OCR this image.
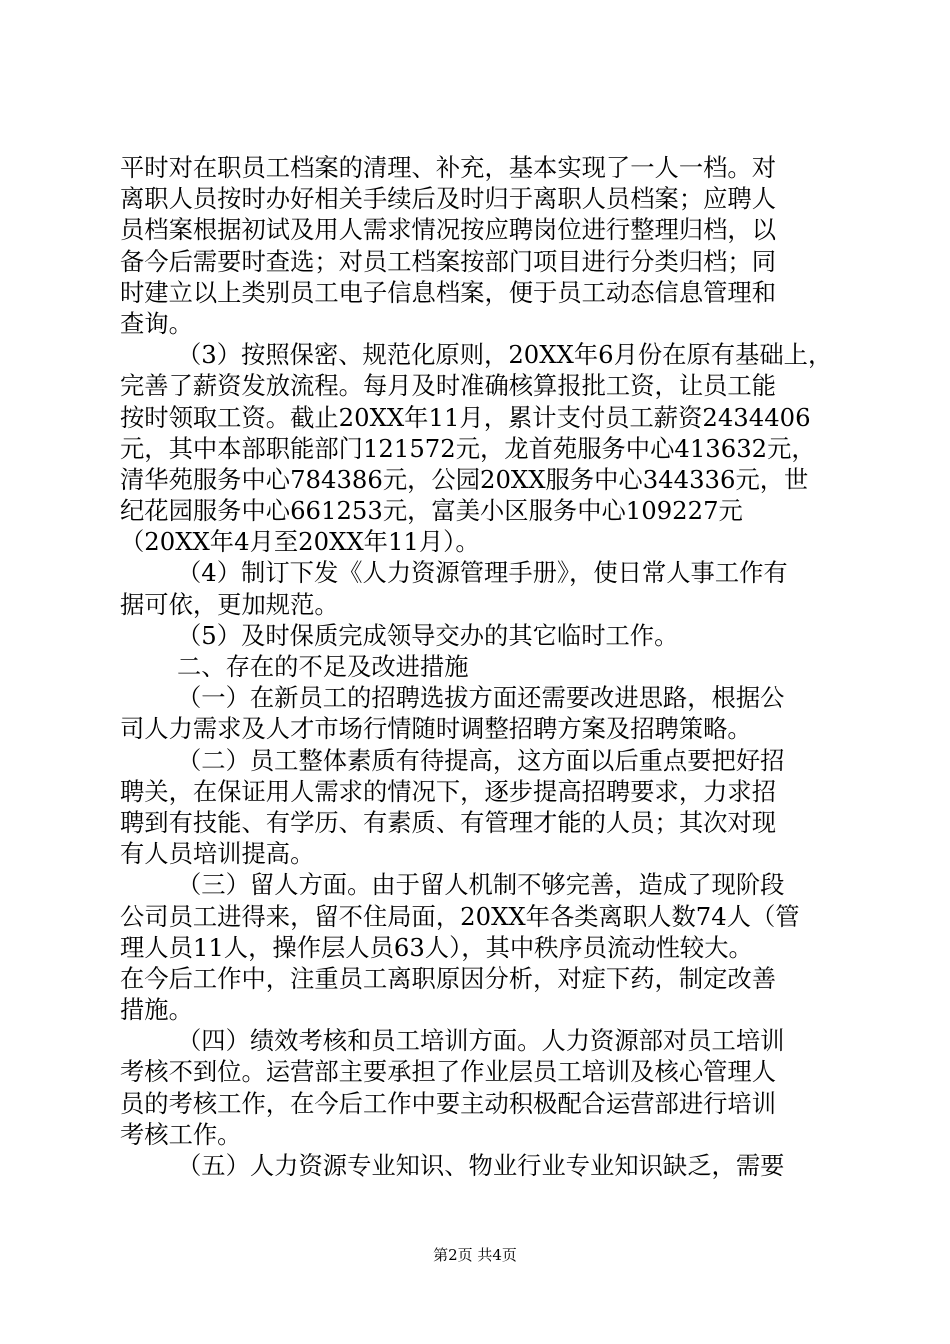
平时对在职员工档案的清理、补充，基本实现了一人一档。对
离职人员按时办好相关手续后及时归于离职人员档案；应聘人
员档案根据初试及用人需求情况按应聘岗位进行整理归档，以
备今后需要时查选；对员工档案按部门项目进行分类归档；同
时建立以上类别员工电子信息档案，便于员工动态信息管理和
查询。
（3）按照保密、规范化原则，20XX年6月份在原有基础上，
完善了薪资发放流程。每月及时准确核算报批工资，让员工能
按时领取工资。截止20XX年11月，累计支付员工薪资2434406
元，其中本部职能部门121572元，龙首苑服务中心413632元，
清华苑服务中心784386元，公园20XX服务中心344336元，世
纪花园服务中心661253元，富美小区服务中心109227元
（20XX年4月至20XX年11月）。
（4）制订下发《人力资源管理手册》，使日常人事工作有
据可依，更加规范。
（5）及时保质完成领导交办的其它临时工作。
二、存在的不足及改进措施
（一）在新员工的招聘选拔方面还需要改进思路，根据公
司人力需求及人才市场行情随时调整招聘方案及招聘策略。
（二）员工整体素质有待提高，这方面以后重点要把好招
聘关，在保证用人需求的情况下，逐步提高招聘要求，力求招
聘到有技能、有学历、有素质、有管理才能的人员；其次对现
有人员培训提高。
（三）留人方面。由于留人机制不够完善，造成了现阶段
公司员工进得来，留不住局面，20XX年各类离职人数74人（管
理人员11人，操作层人员63人），其中秩序员流动性较大。
在今后工作中，注重员工离职原因分析，对症下药，制定改善
措施。
（四）绩效考核和员工培训方面。人力资源部对员工培训
考核不到位。运营部主要承担了作业层员工培训及核心管理人
员的考核工作，在今后工作中要主动积极配合运营部进行培训
考核工作。
（五）人力资源专业知识、物业行业专业知识缺乏，需要
第2页 共4页
